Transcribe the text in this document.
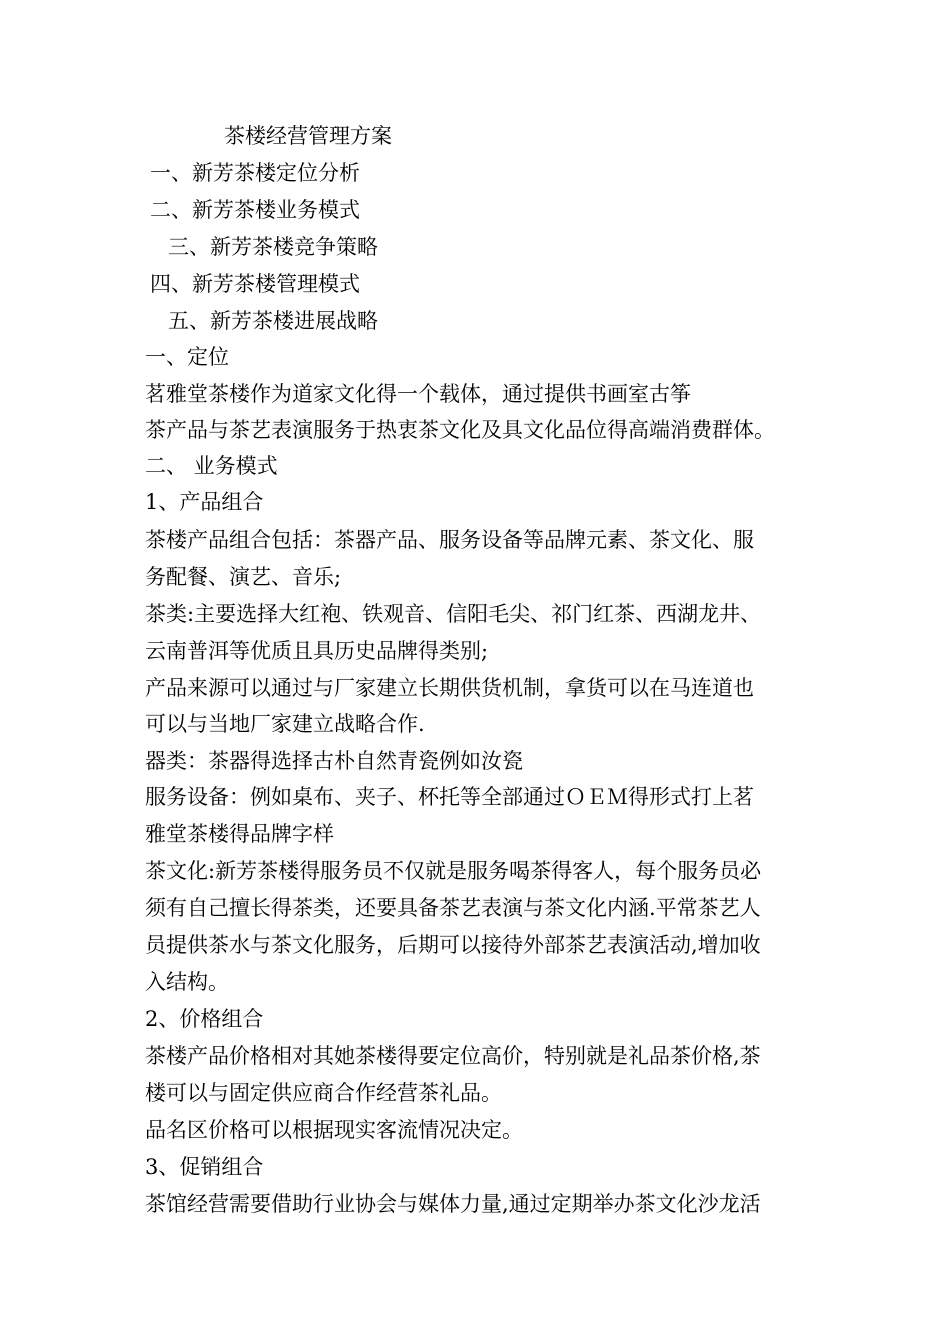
茶楼经营管理方案
一、新芳茶楼定位分析
二、新芳茶楼业务模式
三、新芳茶楼竞争策略
四、新芳茶楼管理模式
五、新芳茶楼进展战略
一、定位
茗雅堂茶楼作为道家文化得一个载体，通过提供书画室古筝
茶产品与茶艺表演服务于热衷茶文化及具文化品位得高端消费群体。
二、 业务模式
1、产品组合
茶楼产品组合包括：茶器产品、服务设备等品牌元素、茶文化、服
务配餐、演艺、音乐;
茶类:主要选择大红袍、铁观音、信阳毛尖、祁门红茶、西湖龙井、
云南普洱等优质且具历史品牌得类别;
产品来源可以通过与厂家建立长期供货机制，拿货可以在马连道也
可以与当地厂家建立战略合作.
器类：茶器得选择古朴自然青瓷例如汝瓷
服务设备：例如桌布、夹子、杯托等全部通过ＯＥＭ得形式打上茗
雅堂茶楼得品牌字样
茶文化:新芳茶楼得服务员不仅就是服务喝茶得客人，每个服务员必
须有自己擅长得茶类，还要具备茶艺表演与茶文化内涵.平常茶艺人
员提供茶水与茶文化服务，后期可以接待外部茶艺表演活动,增加收
入结构。
2、价格组合
茶楼产品价格相对其她茶楼得要定位高价，特别就是礼品茶价格,茶
楼可以与固定供应商合作经营茶礼品。
品名区价格可以根据现实客流情况决定。
3、促销组合
茶馆经营需要借助行业协会与媒体力量,通过定期举办茶文化沙龙活
